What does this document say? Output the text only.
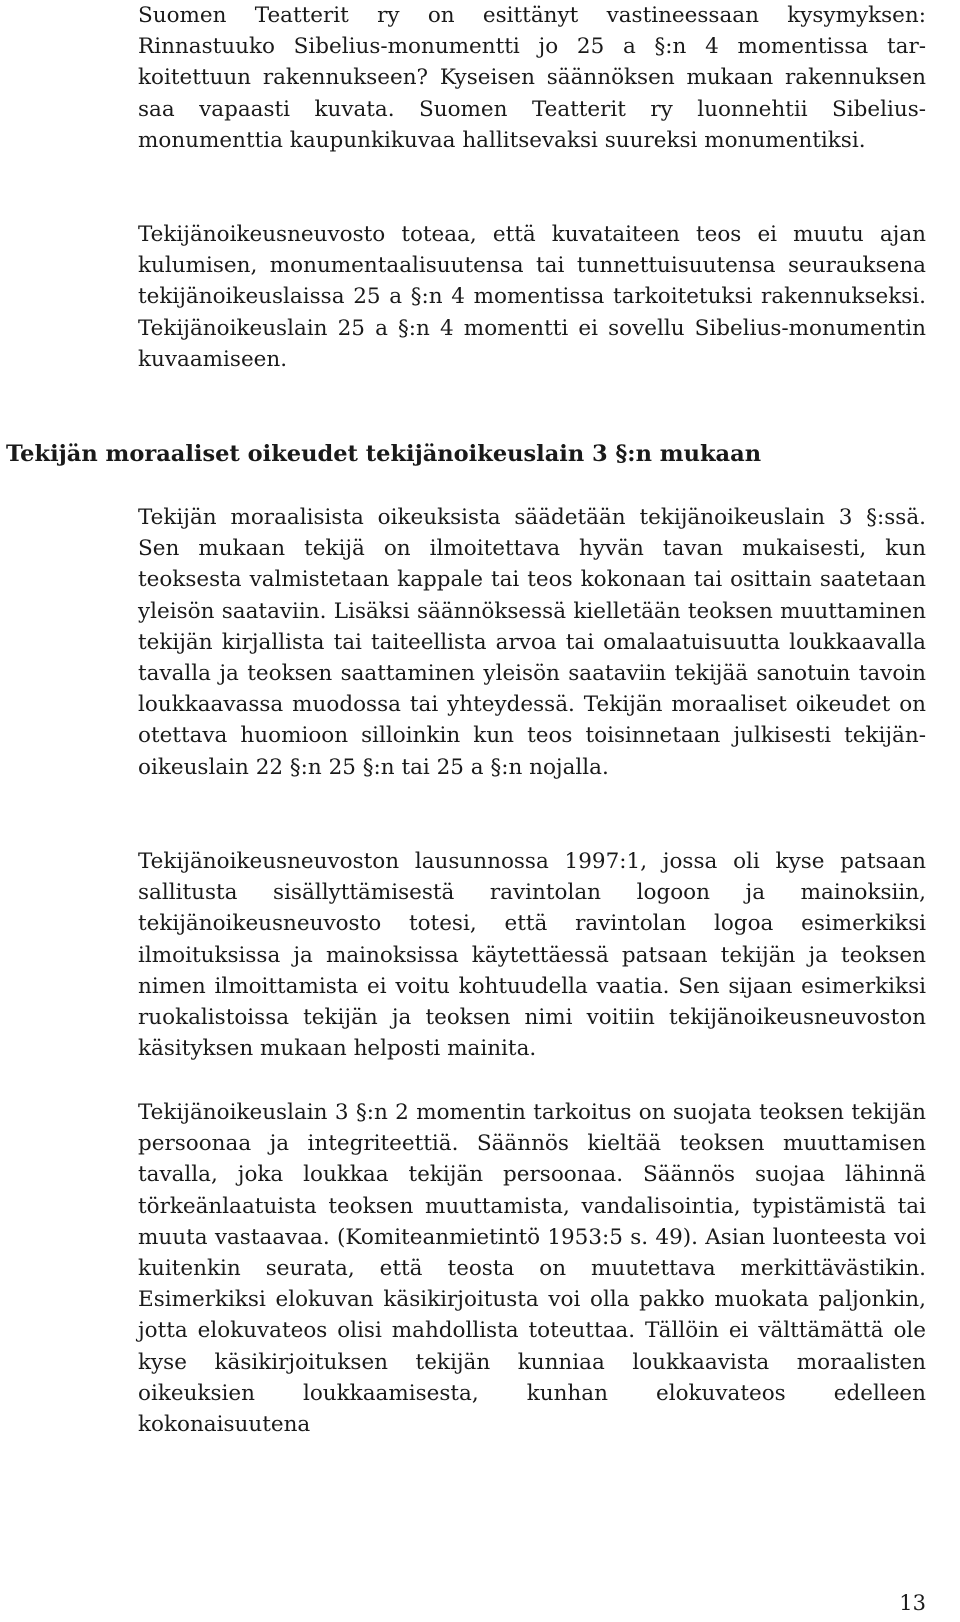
Suomen Teatterit ry on esittänyt vastineessaan kysymyksen: Rinnastuuko Sibelius-monumentti jo 25 a §:n 4 momentissa tarkoitettuun rakennukseen? Kyseisen säännöksen mukaan rakennuksen saa vapaasti kuvata. Suomen Teatterit ry luonnehtii Sibelius-monumenttia kaupunkikuvaa hallitsevaksi suureksi monumentiksi.

Tekijänoikeusneuvosto toteaa, että kuvataiteen teos ei muutu ajan kulumisen, monumentaalisuutensa tai tunnettuisuutensa seurauksena tekijänoikeuslaissa 25 a §:n 4 momentissa tarkoitetuksi rakennukseksi. Tekijänoikeuslain 25 a §:n 4 momentti ei sovellu Sibelius-monumentin kuvaamiseen.

Tekijän moraaliset oikeudet tekijänoikeuslain 3 §:n mukaan

Tekijän moraalisista oikeuksista säädetään tekijänoikeuslain 3 §:ssä. Sen mukaan tekijä on ilmoitettava hyvän tavan mukaisesti, kun teoksesta valmistetaan kappale tai teos kokonaan tai osittain saatetaan yleisön saataviin. Lisäksi säännöksessä kielletään teoksen muuttaminen tekijän kirjallista tai taiteellista arvoa tai omalaatuisuutta loukkaavalla tavalla ja teoksen saattaminen yleisön saataviin tekijää sanotuin tavoin loukkaavassa muodossa tai yhteydessä. Tekijän moraaliset oikeudet on otettava huomioon silloinkin kun teos toisinnetaan julkisesti tekijänoikeuslain 22 §:n 25 §:n tai 25 a §:n nojalla.

Tekijänoikeusneuvoston lausunnossa 1997:1, jossa oli kyse patsaan sallitusta sisällyttämisestä ravintolan logoon ja mainoksiin, tekijänoikeusneuvosto totesi, että ravintolan logoa esimerkiksi ilmoituksissa ja mainoksissa käytettäessä patsaan tekijän ja teoksen nimen ilmoittamista ei voitu kohtuudella vaatia. Sen sijaan esimerkiksi ruokalistoissa tekijän ja teoksen nimi voitiin tekijänoikeusneuvoston käsityksen mukaan helposti mainita.

Tekijänoikeuslain 3 §:n 2 momentin tarkoitus on suojata teoksen tekijän persoonaa ja integriteettiä. Säännös kieltää teoksen muuttamisen tavalla, joka loukkaa tekijän persoonaa. Säännös suojaa lähinnä törkeänlaatuista teoksen muuttamista, vandalisointia, typistämistä tai muuta vastaavaa. (Komiteanmietintö 1953:5 s. 49). Asian luonteesta voi kuitenkin seurata, että teosta on muutettava merkittävästikin. Esimerkiksi elokuvan käsikirjoitusta voi olla pakko muokata paljonkin, jotta elokuvateos olisi mahdollista toteuttaa. Tällöin ei välttämättä ole kyse käsikirjoituksen tekijän kunniaa loukkaavista moraalisten oikeuksien loukkaamisesta, kunhan elokuvateos edelleen kokonaisuutena

13
